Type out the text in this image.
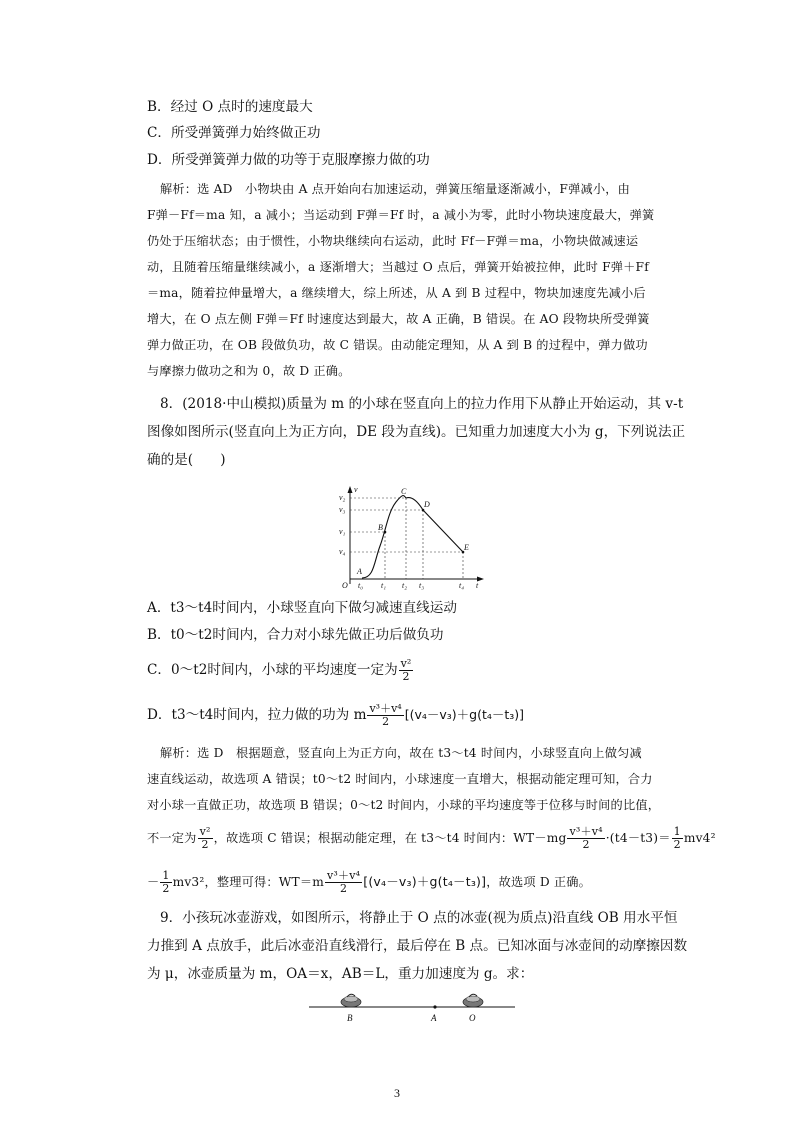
B．经过 O 点时的速度最大
C．所受弹簧弹力始终做正功
D．所受弹簧弹力做的功等于克服摩擦力做的功
解析：选 AD　小物块由 A 点开始向右加速运动，弹簧压缩量逐渐减小，F弹减小，由
F弹－Ff＝ma 知，a 减小；当运动到 F弹＝Ff 时，a 减小为零，此时小物块速度最大，弹簧
仍处于压缩状态；由于惯性，小物块继续向右运动，此时 Ff－F弹＝ma，小物块做减速运
动，且随着压缩量继续减小，a 逐渐增大；当越过 O 点后，弹簧开始被拉伸，此时 F弹＋Ff
＝ma，随着拉伸量增大，a 继续增大，综上所述，从 A 到 B 过程中，物块加速度先减小后
增大，在 O 点左侧 F弹＝Ff 时速度达到最大，故 A 正确，B 错误。在 AO 段物块所受弹簧
弹力做正功，在 OB 段做负功，故 C 错误。由动能定理知，从 A 到 B 的过程中，弹力做功
与摩擦力做功之和为 0，故 D 正确。
8．(2018·中山模拟)质量为 m 的小球在竖直向上的拉力作用下从静止开始运动，其 v-t
图像如图所示(竖直向上为正方向，DE 段为直线)。已知重力加速度大小为 g，下列说法正
确的是(　　)
v
t
O
v₂
v₃
v₁
v₄
t₀ t₁ t₂ t₃	t₄
A
B
C
D
E
A．t3～t4时间内，小球竖直向下做匀减速直线运动
B．t0～t2时间内，合力对小球先做正功后做负功
C．0～t2时间内，小球的平均速度一定为 $\frac{\text{v²}}{2}$
D．t3～t4时间内，拉力做的功为 m $\frac{\text{v³＋v⁴}}{2} [(v_4-v_3)+g(t_4-t_3)]$
解析：选 D　根据题意，竖直向上为正方向，故在 t3～t4 时间内，小球竖直向上做匀减
速直线运动，故选项 A 错误；t0～t2 时间内，小球速度一直增大，根据动能定理可知，合力
对小球一直做正功，故选项 B 错误；0～t2 时间内，小球的平均速度等于位移与时间的比值，
不一定为 $\frac{\text{v²}}{2}$ ，故选项 C 错误；根据动能定理，在 t3～t4 时间内：$WT-mg \frac{\text{v³＋v⁴}}{2} \cdot(t4-t3)= \frac{1}{2} mv4^2$
－ $\frac{1}{2} mv3^2$，整理可得：$WT=m \frac{\text{v³＋v⁴}}{2} [(v_4-v_3)+g(t_4-t_3)]$，故选项 D 正确。
9．小孩玩冰壶游戏，如图所示，将静止于 O 点的冰壶(视为质点)沿直线 OB 用水平恒
力推到 A 点放手，此后冰壶沿直线滑行，最后停在 B 点。已知冰面与冰壶间的动摩擦因数
为 μ，冰壶质量为 m，OA＝x，AB＝L，重力加速度为 g。求：
B	A	O
3
